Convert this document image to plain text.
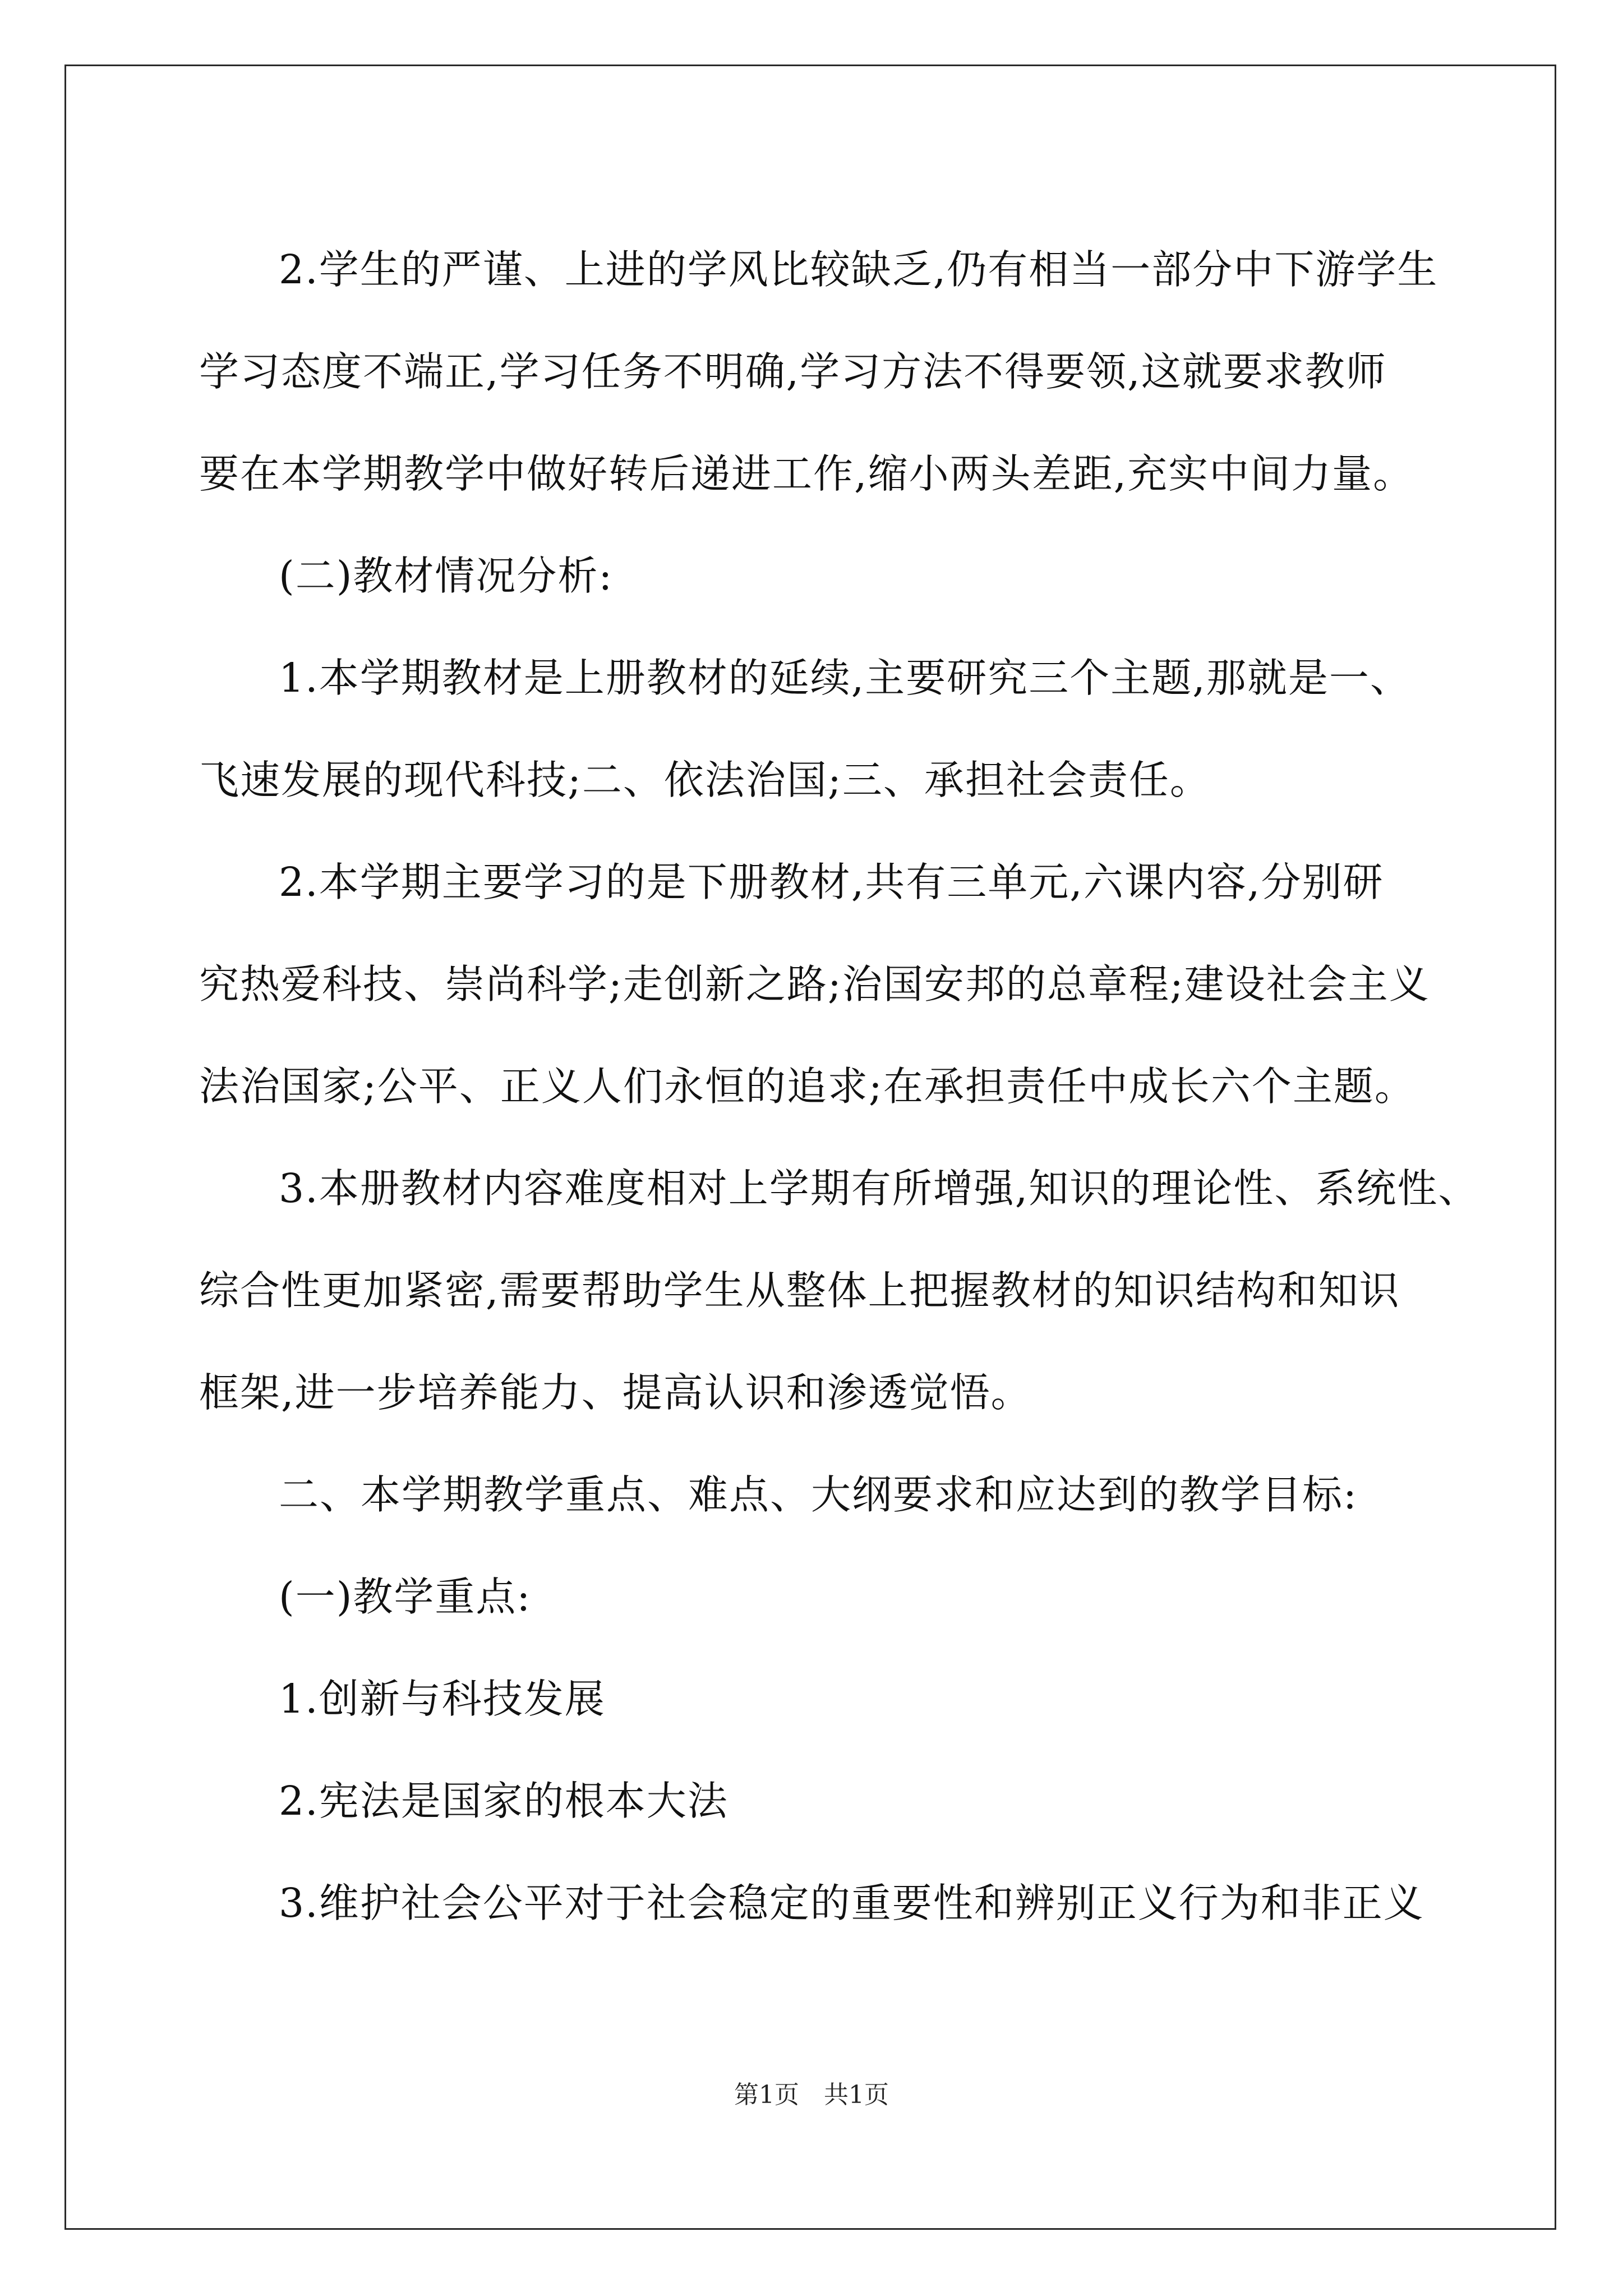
2.学生的严谨、上进的学风比较缺乏,仍有相当一部分中下游学生

学习态度不端正,学习任务不明确,学习方法不得要领,这就要求教师

要在本学期教学中做好转后递进工作,缩小两头差距,充实中间力量。

(二)教材情况分析:

1.本学期教材是上册教材的延续,主要研究三个主题,那就是一、

飞速发展的现代科技;二、依法治国;三、承担社会责任。

2.本学期主要学习的是下册教材,共有三单元,六课内容,分别研

究热爱科技、崇尚科学;走创新之路;治国安邦的总章程;建设社会主义

法治国家;公平、正义人们永恒的追求;在承担责任中成长六个主题。

3.本册教材内容难度相对上学期有所增强,知识的理论性、系统性、

综合性更加紧密,需要帮助学生从整体上把握教材的知识结构和知识

框架,进一步培养能力、提高认识和渗透觉悟。

二、本学期教学重点、难点、大纲要求和应达到的教学目标:

(一)教学重点:

1.创新与科技发展

2.宪法是国家的根本大法

3.维护社会公平对于社会稳定的重要性和辨别正义行为和非正义

第1页　共1页
